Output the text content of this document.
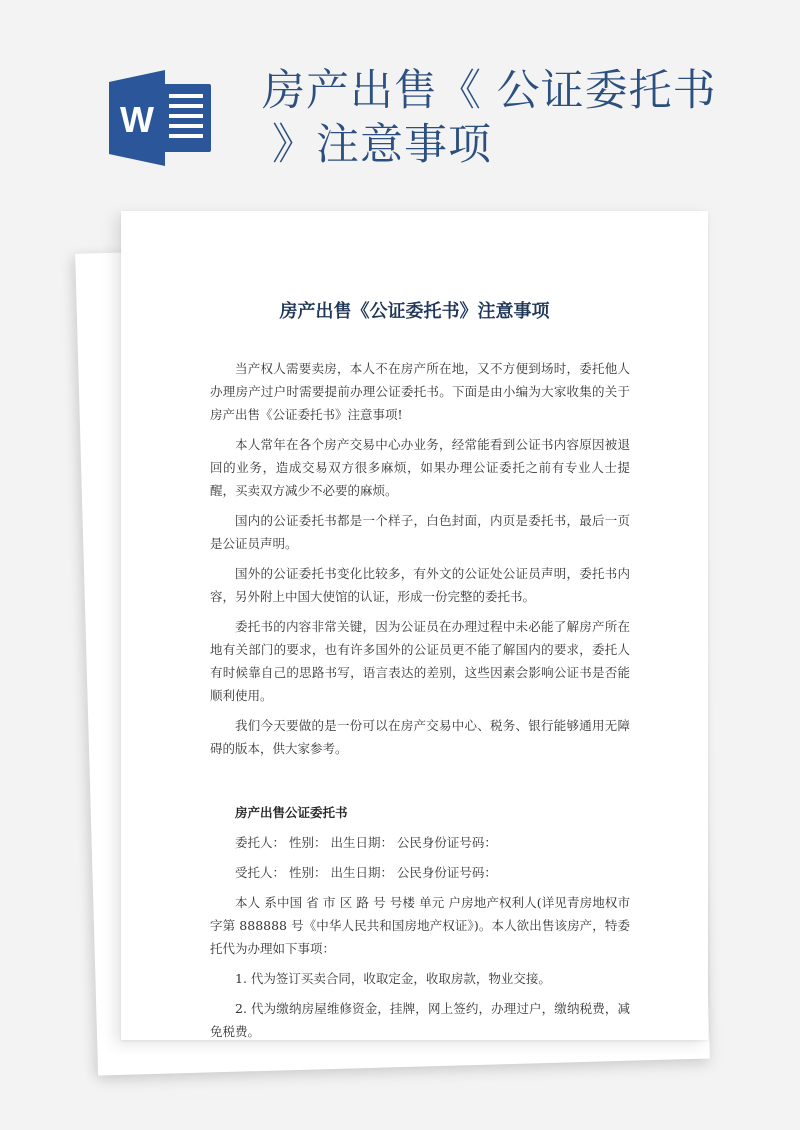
W
房产出售《 公证委托书
》注意事项
房产出售《公证委托书》注意事项

当产权人需要卖房，本人不在房产所在地，又不方便到场时，委托他人办理房产过户时需要提前办理公证委托书。下面是由小编为大家收集的关于房产出售《公证委托书》注意事项!

本人常年在各个房产交易中心办业务，经常能看到公证书内容原因被退回的业务，造成交易双方很多麻烦，如果办理公证委托之前有专业人士提醒，买卖双方减少不必要的麻烦。

国内的公证委托书都是一个样子，白色封面，内页是委托书，最后一页是公证员声明。

国外的公证委托书变化比较多，有外文的公证处公证员声明，委托书内容，另外附上中国大使馆的认证，形成一份完整的委托书。

委托书的内容非常关键，因为公证员在办理过程中未必能了解房产所在地有关部门的要求，也有许多国外的公证员更不能了解国内的要求，委托人有时候靠自己的思路书写，语言表达的差别，这些因素会影响公证书是否能顺利使用。

我们今天要做的是一份可以在房产交易中心、税务、银行能够通用无障碍的版本，供大家参考。

房产出售公证委托书

委托人： 性别： 出生日期： 公民身份证号码：

受托人： 性别： 出生日期： 公民身份证号码：

本人 系中国 省 市 区 路 号 号楼 单元 户房地产权利人(详见青房地权市字第 888888 号《中华人民共和国房地产权证》)。本人欲出售该房产，特委托代为办理如下事项：

1. 代为签订买卖合同，收取定金，收取房款，物业交接。

2. 代为缴纳房屋维修资金，挂牌，网上签约，办理过户，缴纳税费，减免税费。
